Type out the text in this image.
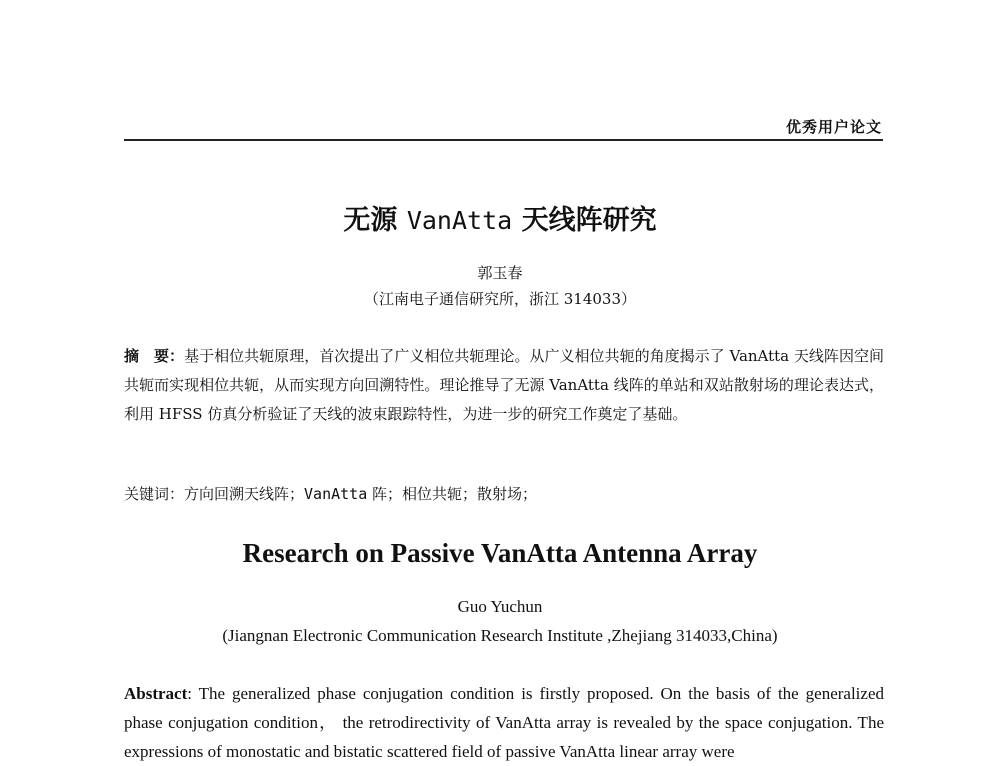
优秀用户论文
无源 VanAtta 天线阵研究
郭玉春
（江南电子通信研究所，浙江 314033）
摘　要：基于相位共轭原理，首次提出了广义相位共轭理论。从广义相位共轭的角度揭示了 VanAtta 天线阵因空间共轭而实现相位共轭，从而实现方向回溯特性。理论推导了无源 VanAtta 线阵的单站和双站散射场的理论表达式，利用 HFSS 仿真分析验证了天线的波束跟踪特性，为进一步的研究工作奠定了基础。
关键词：方向回溯天线阵；VanAtta 阵；相位共轭；散射场；
Research on Passive VanAtta Antenna Array
Guo Yuchun
(Jiangnan Electronic Communication Research Institute ,Zhejiang 314033,China)
Abstract: The generalized phase conjugation condition is firstly proposed. On the basis of the generalized phase conjugation condition， the retrodirectivity of VanAtta array is revealed by the space conjugation. The expressions of monostatic and bistatic scattered field of passive VanAtta linear array were
